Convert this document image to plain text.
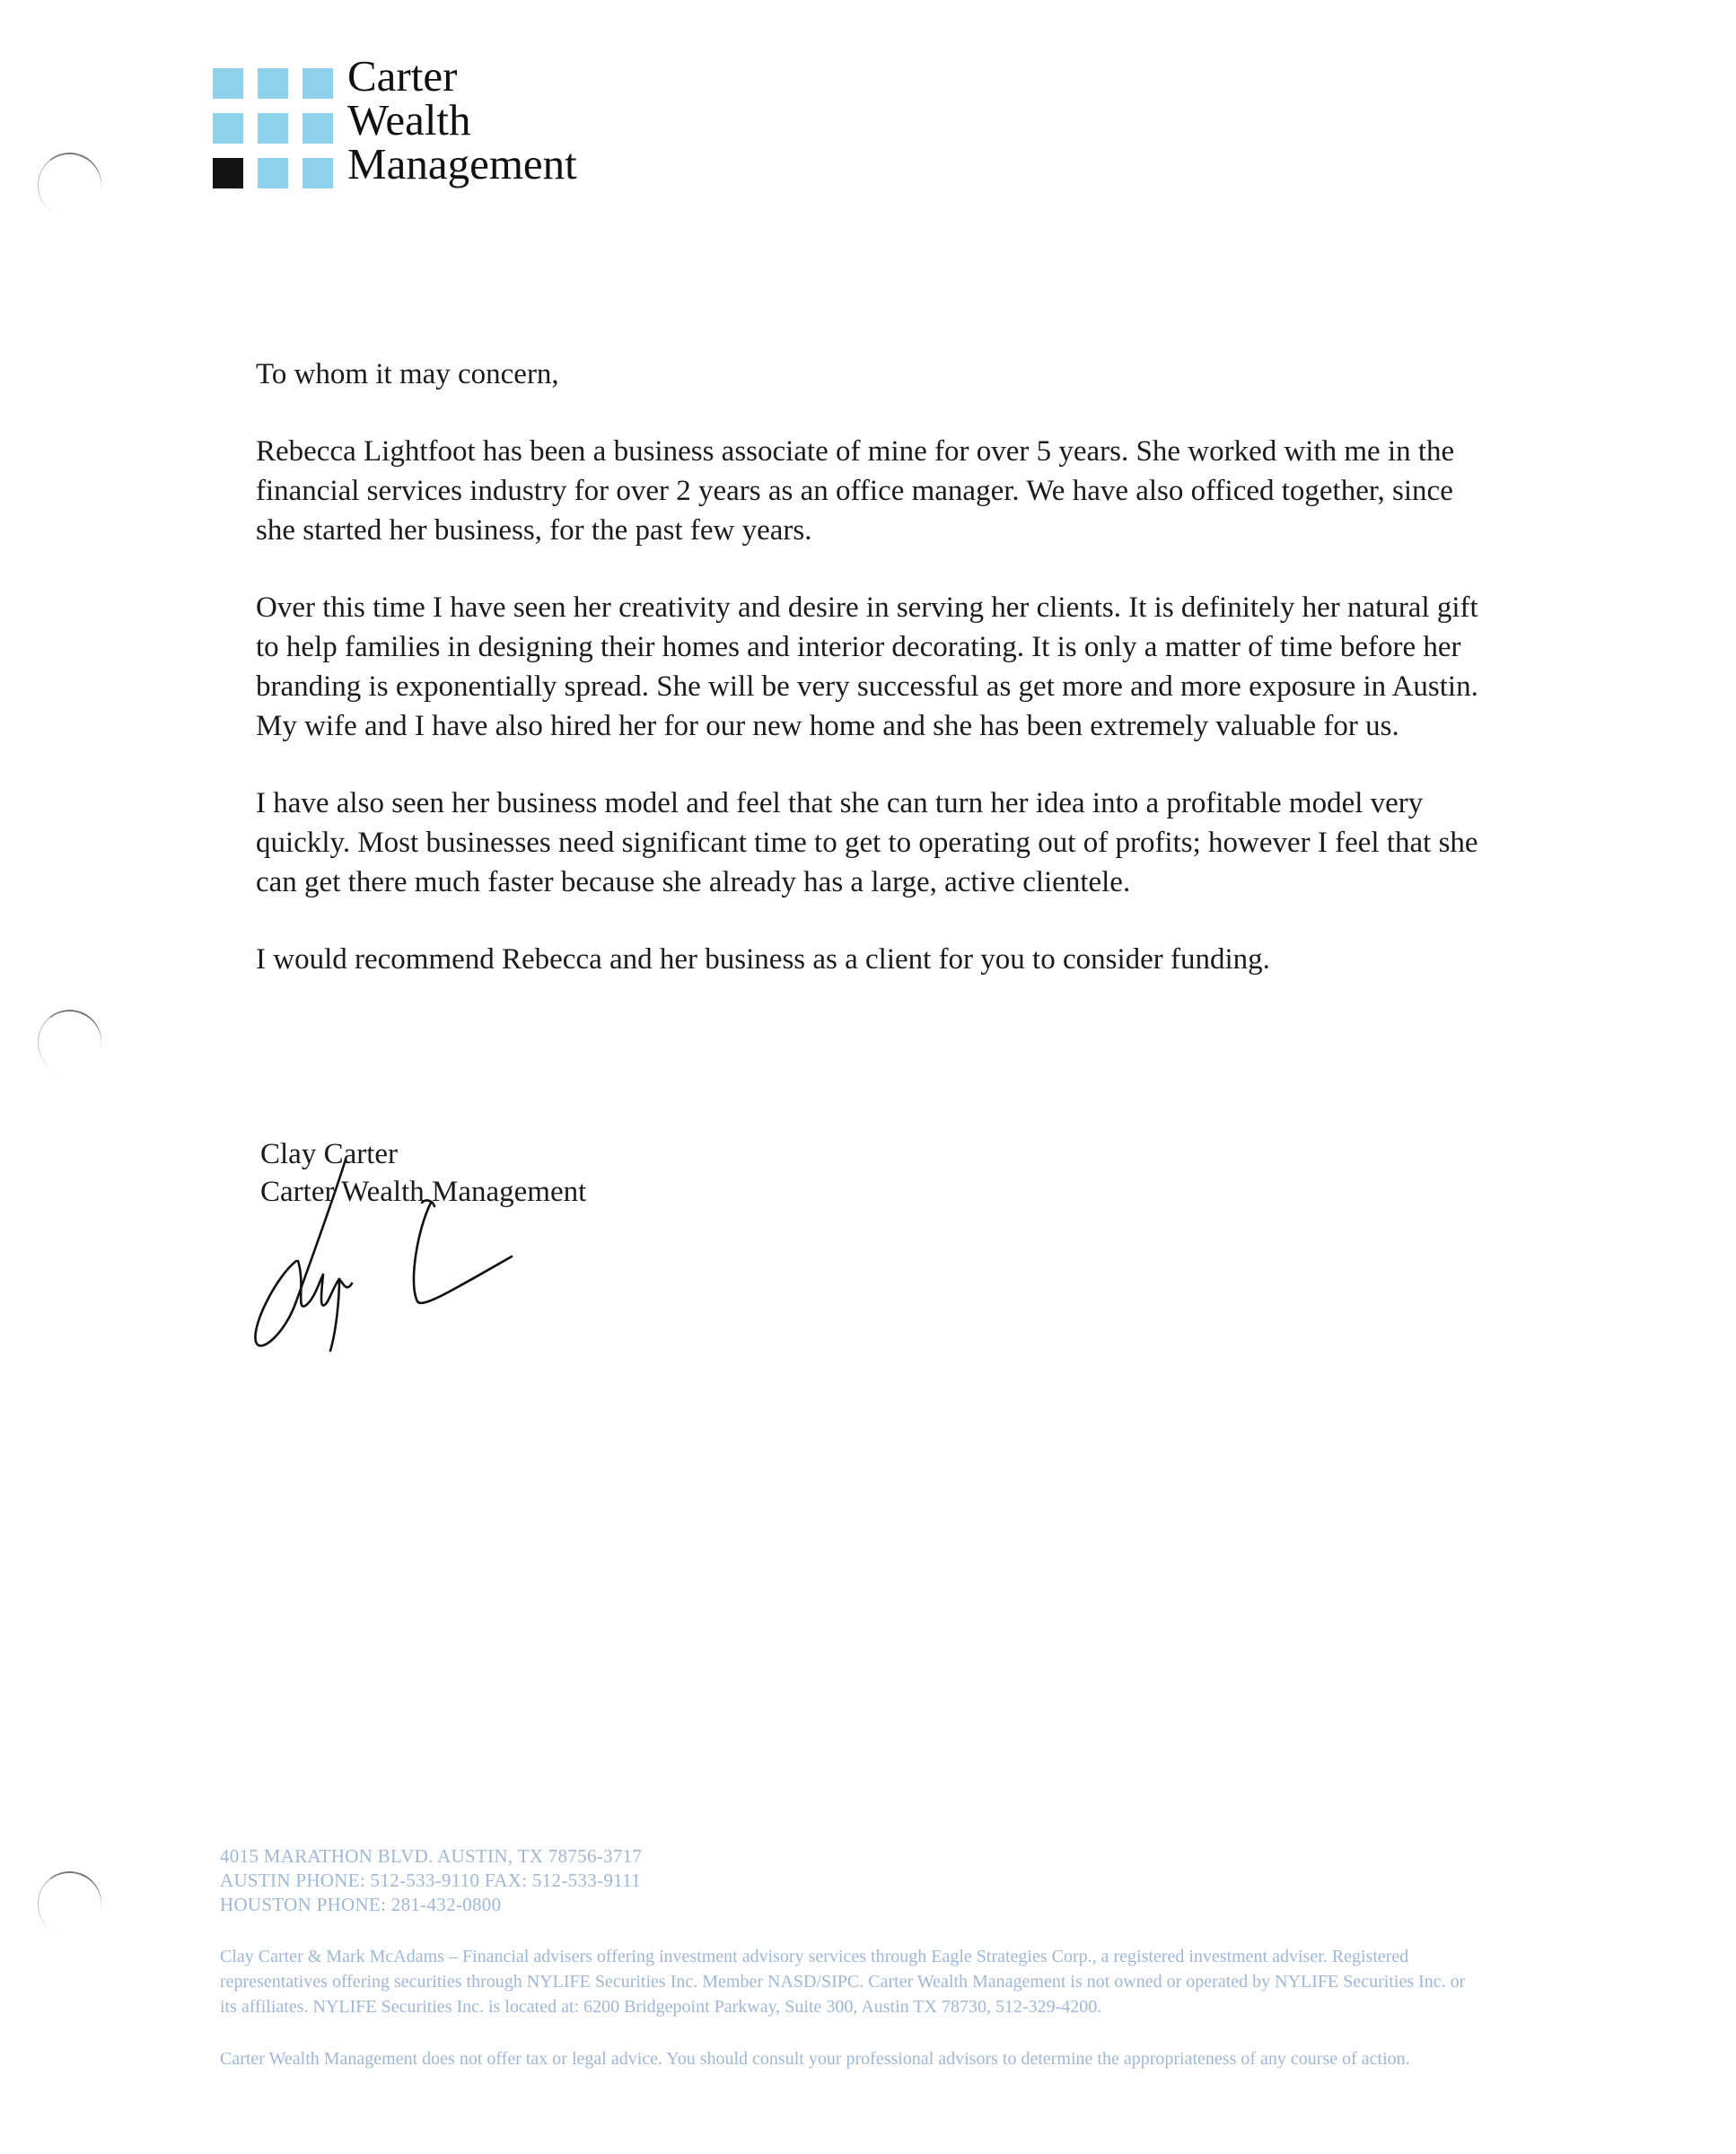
Carter
Wealth
Management

To whom it may concern,

Rebecca Lightfoot has been a business associate of mine for over 5 years. She worked with me in the financial services industry for over 2 years as an office manager. We have also officed together, since she started her business, for the past few years.

Over this time I have seen her creativity and desire in serving her clients. It is definitely her natural gift to help families in designing their homes and interior decorating. It is only a matter of time before her branding is exponentially spread. She will be very successful as get more and more exposure in Austin. My wife and I have also hired her for our new home and she has been extremely valuable for us.

I have also seen her business model and feel that she can turn her idea into a profitable model very quickly. Most businesses need significant time to get to operating out of profits; however I feel that she can get there much faster because she already has a large, active clientele.

I would recommend Rebecca and her business as a client for you to consider funding.

Clay Carter
Carter Wealth Management
4015 MARATHON BLVD. AUSTIN, TX 78756-3717
AUSTIN PHONE: 512-533-9110 FAX: 512-533-9111
HOUSTON PHONE: 281-432-0800
Clay Carter & Mark McAdams – Financial advisers offering investment advisory services through Eagle Strategies Corp., a registered investment adviser. Registered representatives offering securities through NYLIFE Securities Inc. Member NASD/SIPC. Carter Wealth Management is not owned or operated by NYLIFE Securities Inc. or its affiliates. NYLIFE Securities Inc. is located at: 6200 Bridgepoint Parkway, Suite 300, Austin TX 78730, 512-329-4200.
Carter Wealth Management does not offer tax or legal advice. You should consult your professional advisors to determine the appropriateness of any course of action.
